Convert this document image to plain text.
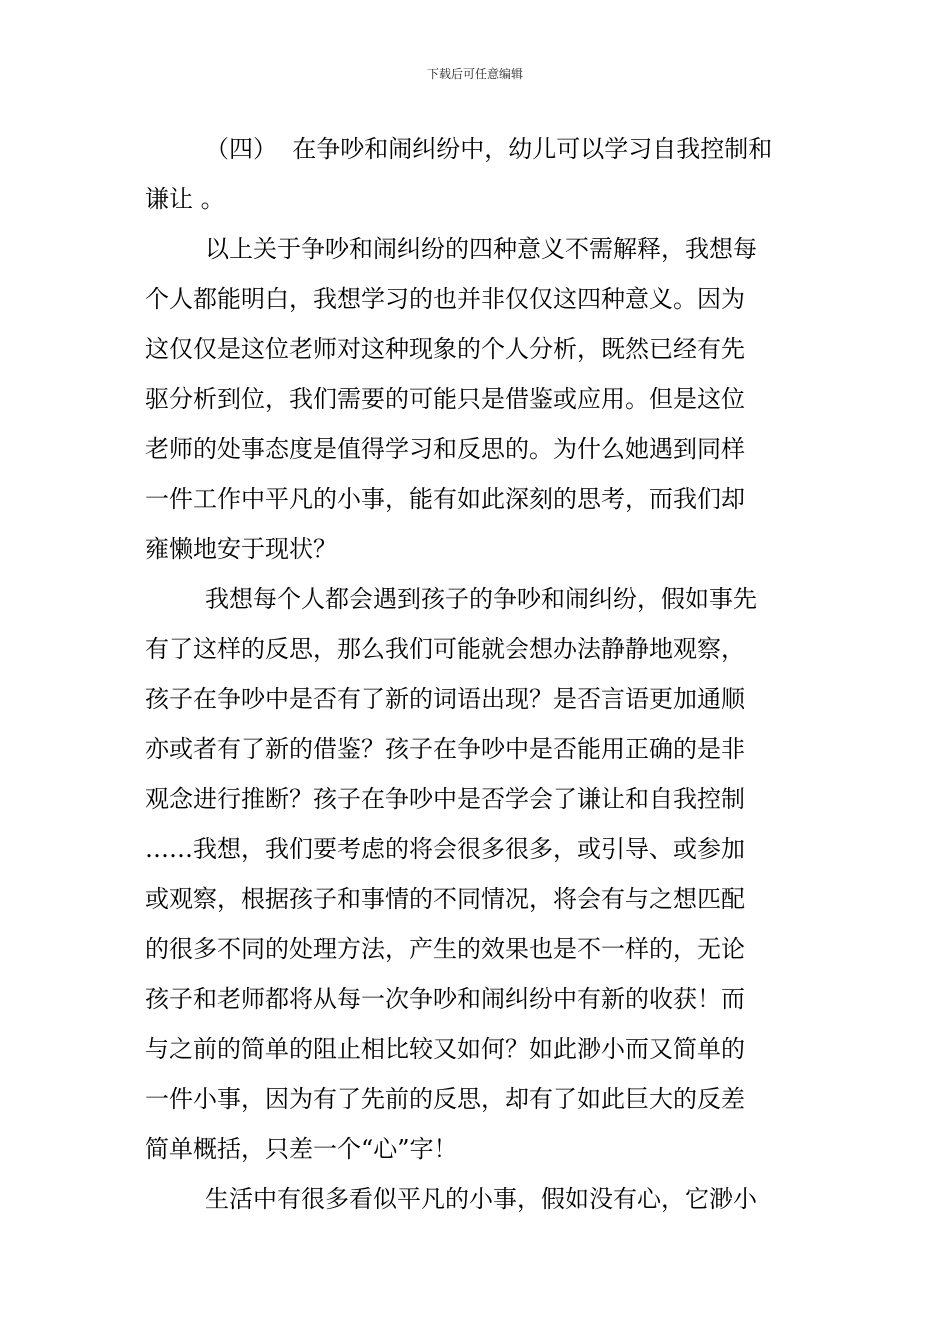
下载后可任意编辑
（四）  在争吵和闹纠纷中，幼儿可以学习自我控制和
谦让 。
以上关于争吵和闹纠纷的四种意义不需解释，我想每
个人都能明白，我想学习的也并非仅仅这四种意义。因为
这仅仅是这位老师对这种现象的个人分析，既然已经有先
驱分析到位，我们需要的可能只是借鉴或应用。但是这位
老师的处事态度是值得学习和反思的。为什么她遇到同样
一件工作中平凡的小事，能有如此深刻的思考，而我们却
雍懒地安于现状？
我想每个人都会遇到孩子的争吵和闹纠纷，假如事先
有了这样的反思，那么我们可能就会想办法静静地观察，
孩子在争吵中是否有了新的词语出现？是否言语更加通顺
亦或者有了新的借鉴？孩子在争吵中是否能用正确的是非
观念进行推断？孩子在争吵中是否学会了谦让和自我控制
……我想，我们要考虑的将会很多很多，或引导、或参加
或观察，根据孩子和事情的不同情况，将会有与之想匹配
的很多不同的处理方法，产生的效果也是不一样的，无论
孩子和老师都将从每一次争吵和闹纠纷中有新的收获！而
与之前的简单的阻止相比较又如何？如此渺小而又简单的
一件小事，因为有了先前的反思，却有了如此巨大的反差
简单概括，只差一个“心”字！
生活中有很多看似平凡的小事，假如没有心，它渺小
